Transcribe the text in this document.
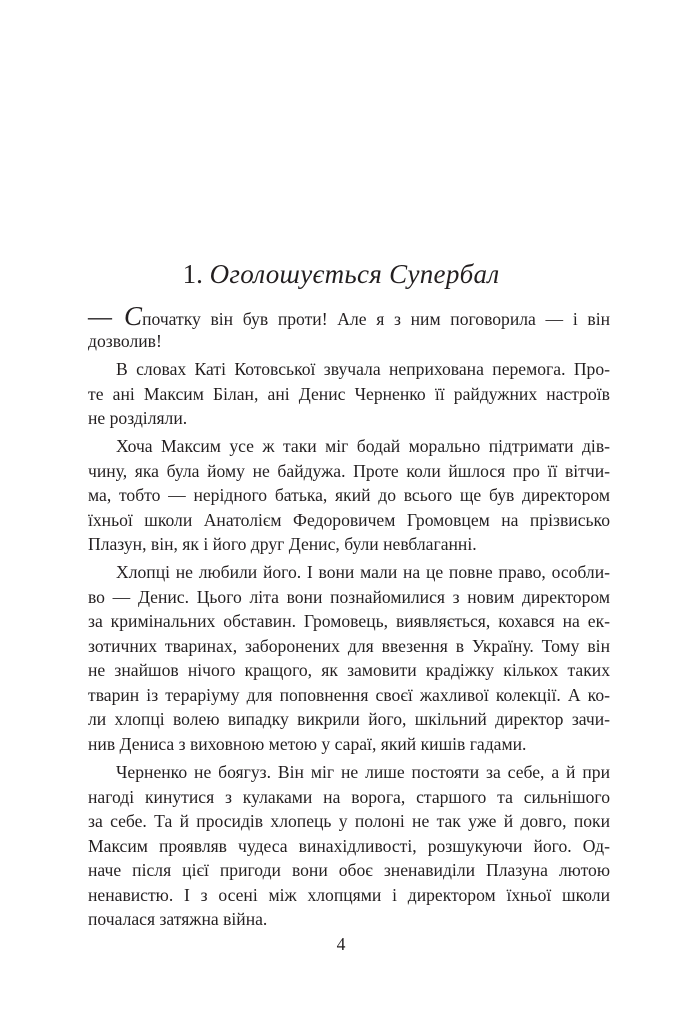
1. Оголошується Супербал
— Спочатку він був проти! Але я з ним поговорила — і він
дозволив!
В словах Каті Котовської звучала неприхована перемога. Про-
те ані Максим Білан, ані Денис Черненко її райдужних настроїв
не розділяли.
Хоча Максим усе ж таки міг бодай морально підтримати дів-
чину, яка була йому не байдужа. Проте коли йшлося про її вітчи-
ма, тобто — нерідного батька, який до всього ще був директором
їхньої школи Анатолієм Федоровичем Громовцем на прізвисько
Плазун, він, як і його друг Денис, були невблаганні.
Хлопці не любили його. І вони мали на це повне право, особли-
во — Денис. Цього літа вони познайомилися з новим директором
за кримінальних обставин. Громовець, виявляється, кохався на ек-
зотичних тваринах, заборонених для ввезення в Україну. Тому він
не знайшов нічого кращого, як замовити крадіжку кількох таких
тварин із тераріуму для поповнення своєї жахливої колекції. А ко-
ли хлопці волею випадку викрили його, шкільний директор зачи-
нив Дениса з виховною метою у сараї, який кишів гадами.
Черненко не боягуз. Він міг не лише постояти за себе, а й при
нагоді кинутися з кулаками на ворога, старшого та сильнішого
за себе. Та й просидів хлопець у полоні не так уже й довго, поки
Максим проявляв чудеса винахідливості, розшукуючи його. Од-
наче після цієї пригоди вони обоє зненавиділи Плазуна лютою
ненавистю. І з осені між хлопцями і директором їхньої школи
почалася затяжна війна.
4
